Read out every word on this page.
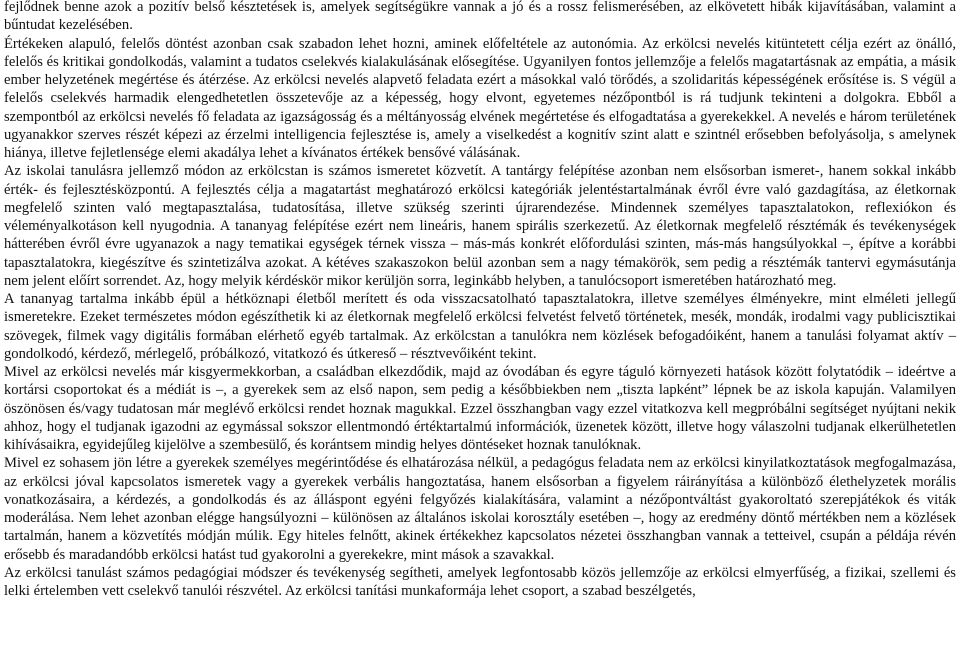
fejlődnek benne azok a pozitív belső késztetések is, amelyek segítségükre vannak a jó és a rossz felismerésében, az elkövetett hibák kijavításában, valamint a bűntudat kezelésében.

Értékeken alapuló, felelős döntést azonban csak szabadon lehet hozni, aminek előfeltétele az autonómia. Az erkölcsi nevelés kitüntetett célja ezért az önálló, felelős és kritikai gondolkodás, valamint a tudatos cselekvés kialakulásának elősegítése. Ugyanilyen fontos jellemzője a felelős magatartásnak az empátia, a másik ember helyzetének megértése és átérzése. Az erkölcsi nevelés alapvető feladata ezért a másokkal való törődés, a szolidaritás képességének erősítése is. S végül a felelős cselekvés harmadik elengedhetetlen összetevője az a képesség, hogy elvont, egyetemes nézőpontból is rá tudjunk tekinteni a dolgokra. Ebből a szempontból az erkölcsi nevelés fő feladata az igazságosság és a méltányosság elvének megértetése és elfogadtatása a gyerekekkel. A nevelés e három területének ugyanakkor szerves részét képezi az érzelmi intelligencia fejlesztése is, amely a viselkedést a kognitív szint alatt e szintnél erősebben befolyásolja, s amelynek hiánya, illetve fejletlensége elemi akadálya lehet a kívánatos értékek bensővé válásának.

Az iskolai tanulásra jellemző módon az erkölcstan is számos ismeretet közvetít. A tantárgy felépítése azonban nem elsősorban ismeret-, hanem sokkal inkább érték- és fejlesztésközpontú. A fejlesztés célja a magatartást meghatározó erkölcsi kategóriák jelentéstartalmának évről évre való gazdagítása, az életkornak megfelelő szinten való megtapasztalása, tudatosítása, illetve szükség szerinti újrarendezése. Mindennek személyes tapasztalatokon, reflexiókon és véleményalkotáson kell nyugodnia. A tananyag felépítése ezért nem lineáris, hanem spirális szerkezetű. Az életkornak megfelelő résztémák és tevékenységek hátterében évről évre ugyanazok a nagy tematikai egységek térnek vissza – más-más konkrét előfordulási szinten, más-más hangsúlyokkal –, építve a korábbi tapasztalatokra, kiegészítve és szintetizálva azokat. A kétéves szakaszokon belül azonban sem a nagy témakörök, sem pedig a résztémák tantervi egymásutánja nem jelent előírt sorrendet. Az, hogy melyik kérdéskör mikor kerüljön sorra, leginkább helyben, a tanulócsoport ismeretében határozható meg.

A tananyag tartalma inkább épül a hétköznapi életből merített és oda visszacsatolható tapasztalatokra, illetve személyes élményekre, mint elméleti jellegű ismeretekre. Ezeket természetes módon egészíthetik ki az életkornak megfelelő erkölcsi felvetést felvető történetek, mesék, mondák, irodalmi vagy publicisztikai szövegek, filmek vagy digitális formában elérhető egyéb tartalmak. Az erkölcstan a tanulókra nem közlések befogadóiként, hanem a tanulási folyamat aktív – gondolkodó, kérdező, mérlegelő, próbálkozó, vitatkozó és útkereső – résztvevőiként tekint.

Mivel az erkölcsi nevelés már kisgyermekkorban, a családban elkezdődik, majd az óvodában és egyre táguló környezeti hatások között folytatódik – ideértve a kortársi csoportokat és a médiát is –, a gyerekek sem az első napon, sem pedig a későbbiekben nem „tiszta lapként” lépnek be az iskola kapuján. Valamilyen öszönösen és/vagy tudatosan már meglévő erkölcsi rendet hoznak magukkal. Ezzel összhangban vagy ezzel vitatkozva kell megpróbálni segítséget nyújtani nekik ahhoz, hogy el tudjanak igazodni az egymással sokszor ellentmondó értéktartalmú információk, üzenetek között, illetve hogy válaszolni tudjanak elkerülhetetlen kihívásaikra, egyidejűleg kijelölve a szembesülő, és korántsem mindig helyes döntéseket hoznak tanulóknak.

Mivel ez sohasem jön létre a gyerekek személyes megérintődése és elhatározása nélkül, a pedagógus feladata nem az erkölcsi kinyilatkoztatások megfogalmazása, az erkölcsi jóval kapcsolatos ismeretek vagy a gyerekek verbális hangoztatása, hanem elsősorban a figyelem ráirányítása a különböző élethelyzetek morális vonatkozásaira, a kérdezés, a gondolkodás és az álláspont egyéni felgyőzés kialakítására, valamint a nézőpontváltást gyakoroltató szerepjátékok és viták moderálása. Nem lehet azonban elégge hangsúlyozni – különösen az általános iskolai korosztály esetében –, hogy az eredmény döntő mértékben nem a közlések tartalmán, hanem a közvetítés módján múlik. Egy hiteles felnőtt, akinek értékekhez kapcsolatos nézetei összhangban vannak a tetteivel, csupán a példája révén erősebb és maradandóbb erkölcsi hatást tud gyakorolni a gyerekekre, mint mások a szavakkal.

Az erkölcsi tanulást számos pedagógiai módszer és tevékenység segítheti, amelyek legfontosabb közös jellemzője az erkölcsi elmyerfűség, a fizikai, szellemi és lelki értelemben vett cselekvő tanulói részvétel. Az erkölcsi tanítási munkaformája lehet csoport, a szabad beszélgetés,
